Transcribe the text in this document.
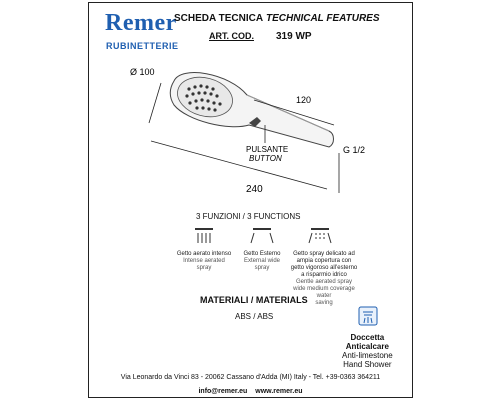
Remer
RUBINETTERIE
SCHEDA TECNICA TECHNICAL FEATURES
ART. COD. 319 WP
Ø 100
120
240
G 1/2
PULSANTE
BUTTON
3 FUNZIONI / 3 FUNCTIONS
Getto aerato intenso
Intense aerated
spray
Getto Esterno
External wide
spray
Getto spray delicato ad ampia copertura con getto vigoroso all'esterno a risparmio idrico
Gentle aerated spray wide medium coverage water
saving
MATERIALI / MATERIALS
ABS / ABS
Doccetta
Anticalcare
Anti-limestone
Hand Shower
Via Leonardo da Vinci 83 - 20062 Cassano d'Adda (MI) Italy - Tel. +39-0363 364211
info@remer.eu www.remer.eu
